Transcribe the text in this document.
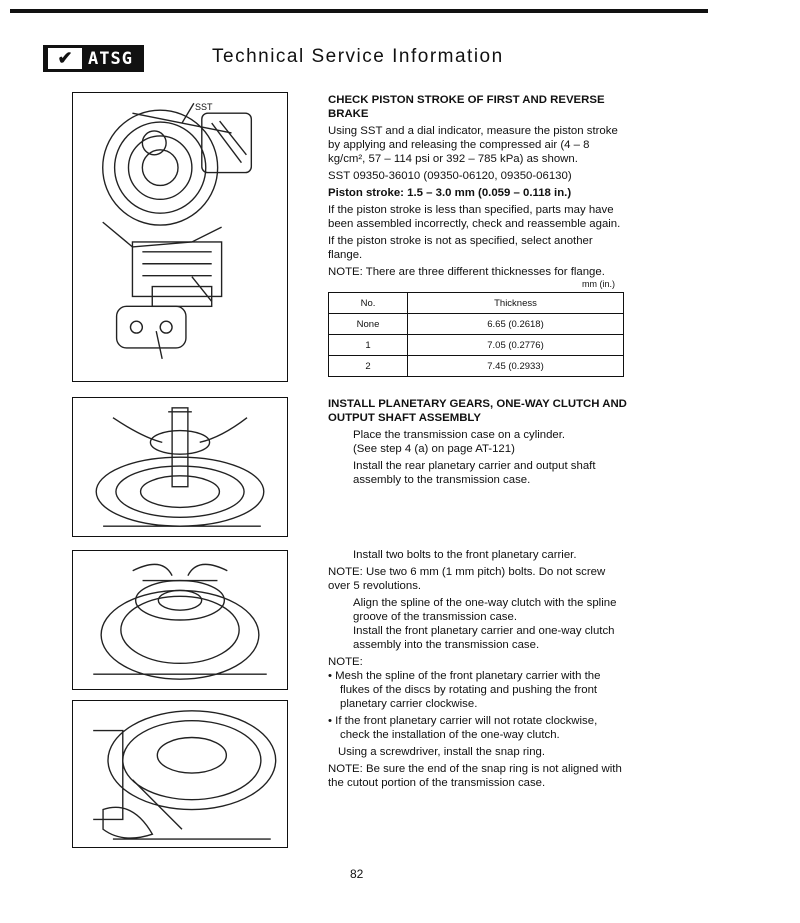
✔ ATSG	Technical Service Information
SST
CHECK PISTON STROKE OF FIRST AND REVERSE BRAKE
Using SST and a dial indicator, measure the piston stroke by applying and releasing the compressed air (4 – 8 kg/cm², 57 – 114 psi or 392 – 785 kPa) as shown.
SST 09350-36010 (09350-06120, 09350-06130)
Piston stroke: 1.5 – 3.0 mm (0.059 – 0.118 in.)
If the piston stroke is less than specified, parts may have been assembled incorrectly, check and reassemble again.
If the piston stroke is not as specified, select another flange.
NOTE: There are three different thicknesses for flange.
mm (in.)
No.	Thickness
None	6.65 (0.2618)
1	7.05 (0.2776)
2	7.45 (0.2933)
INSTALL PLANETARY GEARS, ONE-WAY CLUTCH AND OUTPUT SHAFT ASSEMBLY
Place the transmission case on a cylinder.
(See step 4 (a) on page AT-121)
Install the rear planetary carrier and output shaft assembly to the transmission case.
Install two bolts to the front planetary carrier.
NOTE: Use two 6 mm (1 mm pitch) bolts. Do not screw over 5 revolutions.
Align the spline of the one-way clutch with the spline groove of the transmission case.
Install the front planetary carrier and one-way clutch assembly into the transmission case.
NOTE:
• Mesh the spline of the front planetary carrier with the flukes of the discs by rotating and pushing the front planetary carrier clockwise.
• If the front planetary carrier will not rotate clockwise, check the installation of the one-way clutch.
Using a screwdriver, install the snap ring.
NOTE: Be sure the end of the snap ring is not aligned with the cutout portion of the transmission case.
82
